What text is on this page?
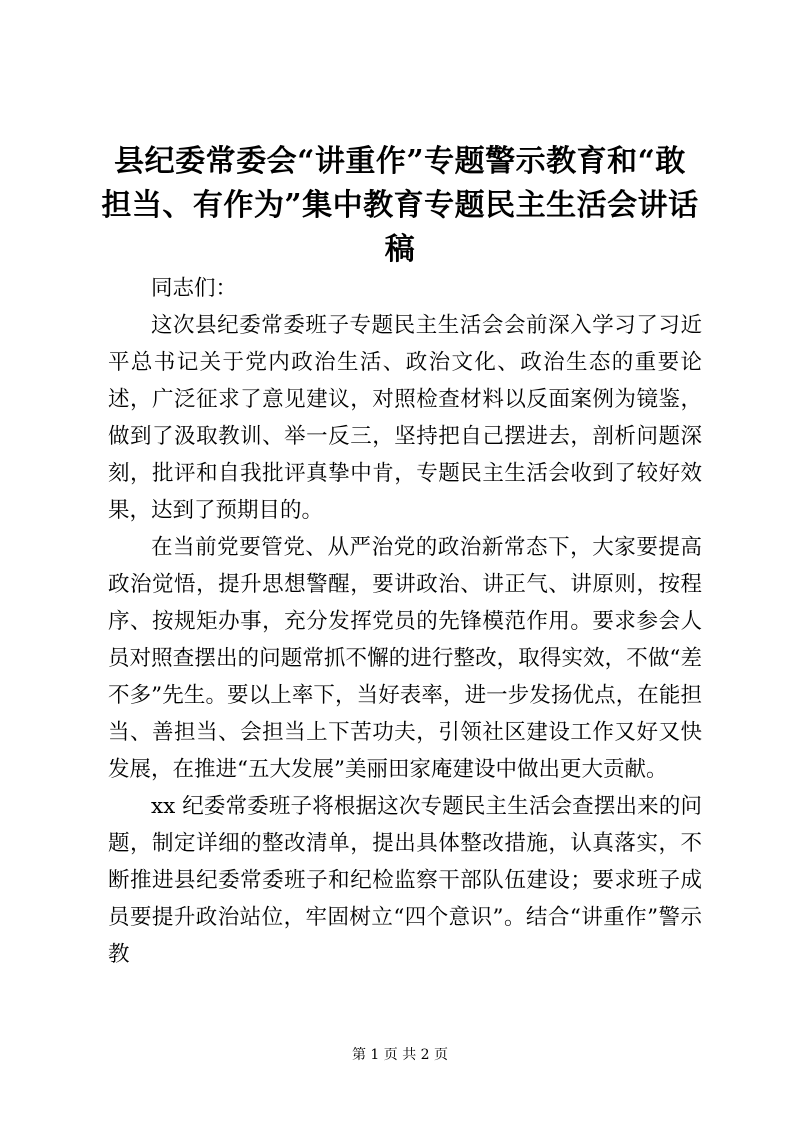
县纪委常委会“讲重作”专题警示教育和“敢担当、有作为”集中教育专题民主生活会讲话稿

同志们：

这次县纪委常委班子专题民主生活会会前深入学习了习近平总书记关于党内政治生活、政治文化、政治生态的重要论述，广泛征求了意见建议，对照检查材料以反面案例为镜鉴，做到了汲取教训、举一反三，坚持把自己摆进去，剖析问题深刻，批评和自我批评真挚中肯，专题民主生活会收到了较好效果，达到了预期目的。

在当前党要管党、从严治党的政治新常态下，大家要提高政治觉悟，提升思想警醒，要讲政治、讲正气、讲原则，按程序、按规矩办事，充分发挥党员的先锋模范作用。要求参会人员对照查摆出的问题常抓不懈的进行整改，取得实效，不做“差不多”先生。要以上率下，当好表率，进一步发扬优点，在能担当、善担当、会担当上下苦功夫，引领社区建设工作又好又快发展，在推进“五大发展”美丽田家庵建设中做出更大贡献。

xx 纪委常委班子将根据这次专题民主生活会查摆出来的问题，制定详细的整改清单，提出具体整改措施，认真落实，不断推进县纪委常委班子和纪检监察干部队伍建设；要求班子成员要提升政治站位，牢固树立“四个意识”。结合“讲重作”警示教

第 1 页 共 2 页
